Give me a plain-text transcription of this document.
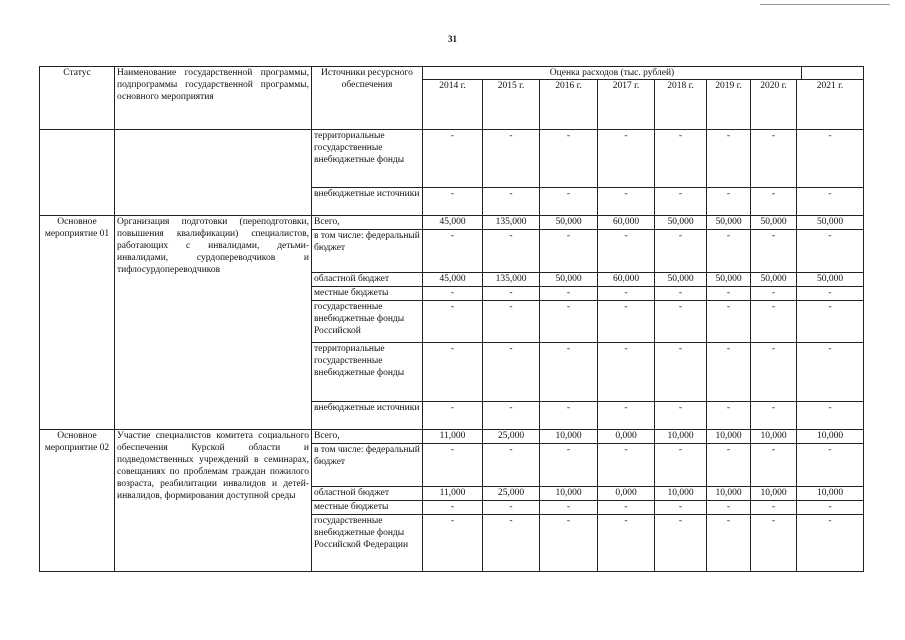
31
Статус	Наименование государственной программы, подпрограммы государственной программы, основного мероприятия	Источники ресурсного обеспечения	Оценка расходов (тыс. рублей)								
			2014 г.	2015 г.	2016 г.	2017 г.	2018 г.	2019 г.	2020 г.	2021 г.	
		территориальные государственные внебюджетные фонды	-	-	-	-	-	-	-	-	
		внебюджетные источники	-	-	-	-	-	-	-	-	
Основное мероприятие 01	Организация подготовки (переподготовки, повышения квалификации) специалистов, работающих с инвалидами, детьми-инвалидами, сурдопереводчиков и тифлосурдопереводчиков	Всего,	45,000	135,000	50,000	60,000	50,000	50,000	50,000	50,000	
		в том числе: федеральный бюджет	-	-	-	-	-	-	-	-	
		областной бюджет	45,000	135,000	50,000	60,000	50,000	50,000	50,000	50,000	
		местные бюджеты	-	-	-	-	-	-	-	-	
		государственные внебюджетные фонды Российской	-	-	-	-	-	-	-	-	
		территориальные государственные внебюджетные фонды	-	-	-	-	-	-	-	-	
		внебюджетные источники	-	-	-	-	-	-	-	-	
Основное мероприятие 02	Участие специалистов комитета социального обеспечения Курской области и подведомственных учреждений в семинарах, совещаниях по проблемам граждан пожилого возраста, реабилитации инвалидов и детей-инвалидов, формирования доступной среды	Всего,	11,000	25,000	10,000	0,000	10,000	10,000	10,000	10,000	
		в том числе: федеральный бюджет	-	-	-	-	-	-	-	-	
		областной бюджет	11,000	25,000	10,000	0,000	10,000	10,000	10,000	10,000	
		местные бюджеты	-	-	-	-	-	-	-	-	
		государственные внебюджетные фонды Российской Федерации	-	-	-	-	-	-	-	-	
